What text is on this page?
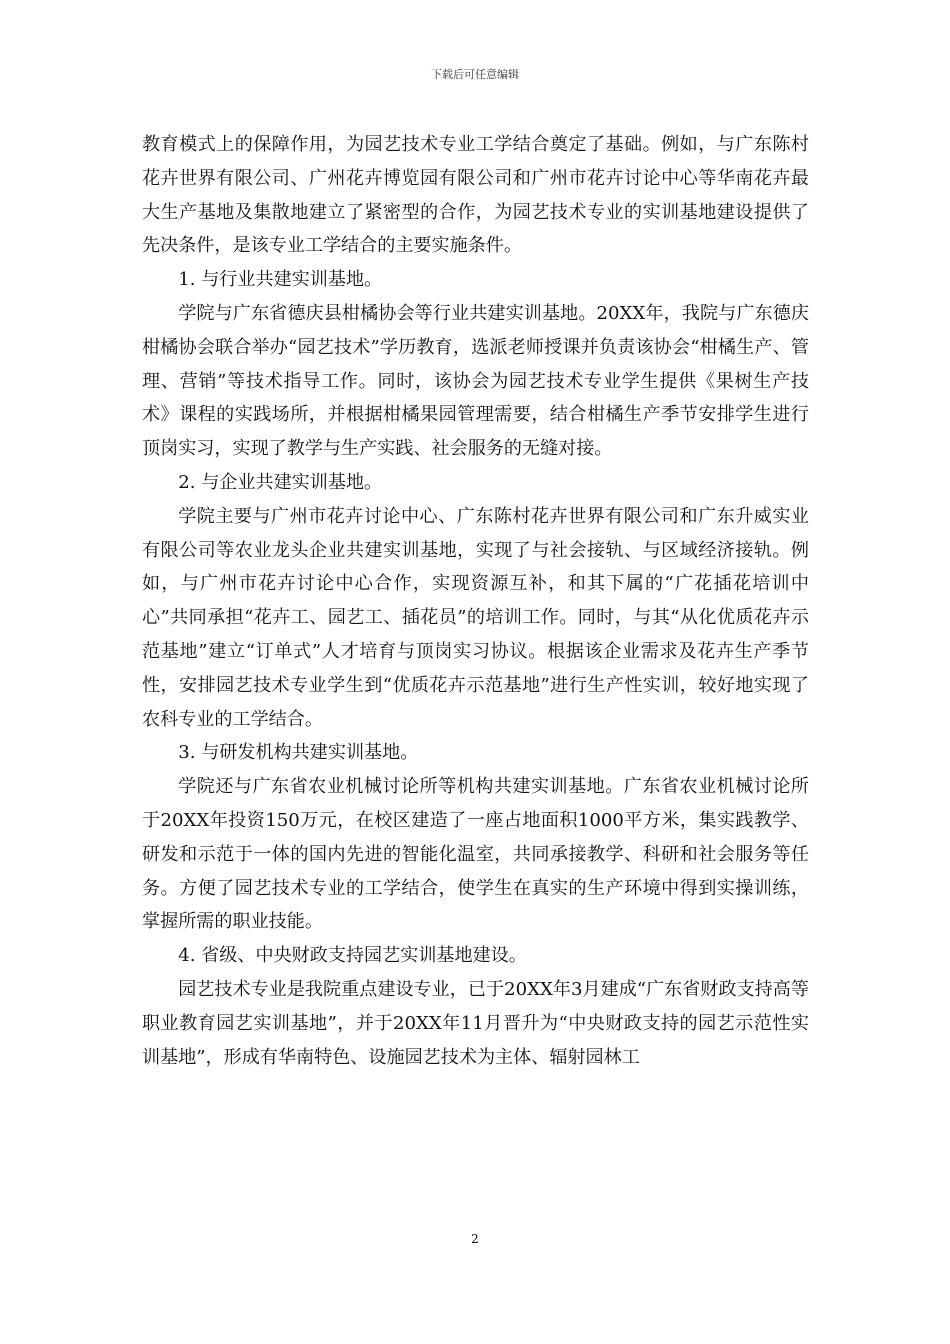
下载后可任意编辑

教育模式上的保障作用，为园艺技术专业工学结合奠定了基础。例如，与广东陈村花卉世界有限公司、广州花卉博览园有限公司和广州市花卉讨论中心等华南花卉最大生产基地及集散地建立了紧密型的合作，为园艺技术专业的实训基地建设提供了先决条件，是该专业工学结合的主要实施条件。

1. 与行业共建实训基地。

学院与广东省德庆县柑橘协会等行业共建实训基地。20XX年，我院与广东德庆柑橘协会联合举办“园艺技术”学历教育，选派老师授课并负责该协会“柑橘生产、管理、营销”等技术指导工作。同时，该协会为园艺技术专业学生提供《果树生产技术》课程的实践场所，并根据柑橘果园管理需要，结合柑橘生产季节安排学生进行顶岗实习，实现了教学与生产实践、社会服务的无缝对接。

2. 与企业共建实训基地。

学院主要与广州市花卉讨论中心、广东陈村花卉世界有限公司和广东升威实业有限公司等农业龙头企业共建实训基地，实现了与社会接轨、与区域经济接轨。例如，与广州市花卉讨论中心合作，实现资源互补，和其下属的“广花插花培训中心”共同承担“花卉工、园艺工、插花员”的培训工作。同时，与其“从化优质花卉示范基地”建立“订单式”人才培育与顶岗实习协议。根据该企业需求及花卉生产季节性，安排园艺技术专业学生到“优质花卉示范基地”进行生产性实训，较好地实现了农科专业的工学结合。

3. 与研发机构共建实训基地。

学院还与广东省农业机械讨论所等机构共建实训基地。广东省农业机械讨论所于20XX年投资150万元，在校区建造了一座占地面积1000平方米，集实践教学、研发和示范于一体的国内先进的智能化温室，共同承接教学、科研和社会服务等任务。方便了园艺技术专业的工学结合，使学生在真实的生产环境中得到实操训练，掌握所需的职业技能。

4. 省级、中央财政支持园艺实训基地建设。

园艺技术专业是我院重点建设专业，已于20XX年3月建成“广东省财政支持高等职业教育园艺实训基地”，并于20XX年11月晋升为“中央财政支持的园艺示范性实训基地”，形成有华南特色、设施园艺技术为主体、辐射园林工

2
